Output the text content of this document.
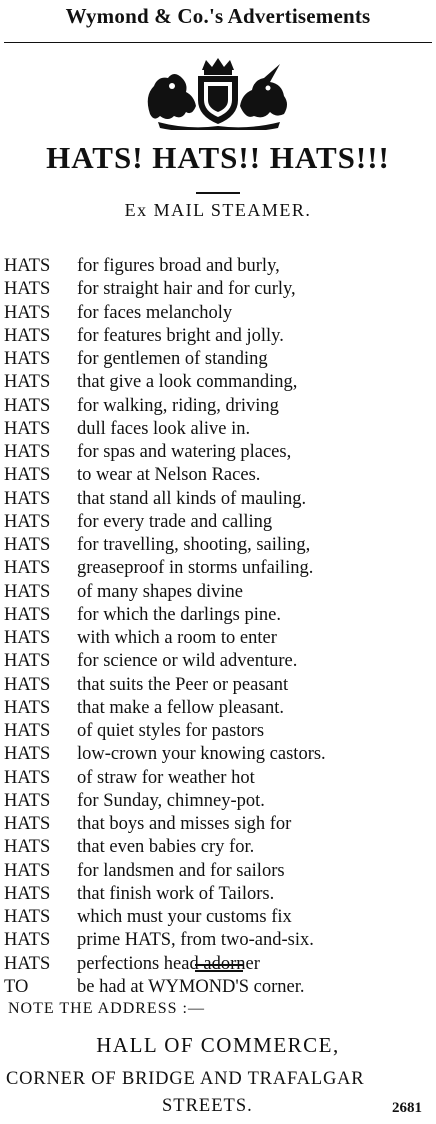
Wymond & Co.'s Advertisements
HATS! HATS!! HATS!!!
Ex MAIL STEAMER.
HATS for figures broad and burly,
HATS for straight hair and for curly,
HATS for faces melancholy
HATS for features bright and jolly.
HATS for gentlemen of standing
HATS that give a look commanding,
HATS for walking, riding, driving
HATS dull faces look alive in.
HATS for spas and watering places,
HATS to wear at Nelson Races.
HATS that stand all kinds of mauling.
HATS for every trade and calling
HATS for travelling, shooting, sailing,
HATS greaseproof in storms unfailing.
HATS of many shapes divine
HATS for which the darlings pine.
HATS with which a room to enter
HATS for science or wild adventure.
HATS that suits the Peer or peasant
HATS that make a fellow pleasant.
HATS of quiet styles for pastors
HATS low-crown your knowing castors.
HATS of straw for weather hot
HATS for Sunday, chimney-pot.
HATS that boys and misses sigh for
HATS that even babies cry for.
HATS for landsmen and for sailors
HATS that finish work of Tailors.
HATS which must your customs fix
HATS prime HATS, from two-and-six.
HATS perfections head adorner
TO	be had at WYMOND'S corner.
NOTE THE ADDRESS :—
HALL OF COMMERCE,
CORNER OF BRIDGE AND TRAFALGAR
STREETS.	2681
